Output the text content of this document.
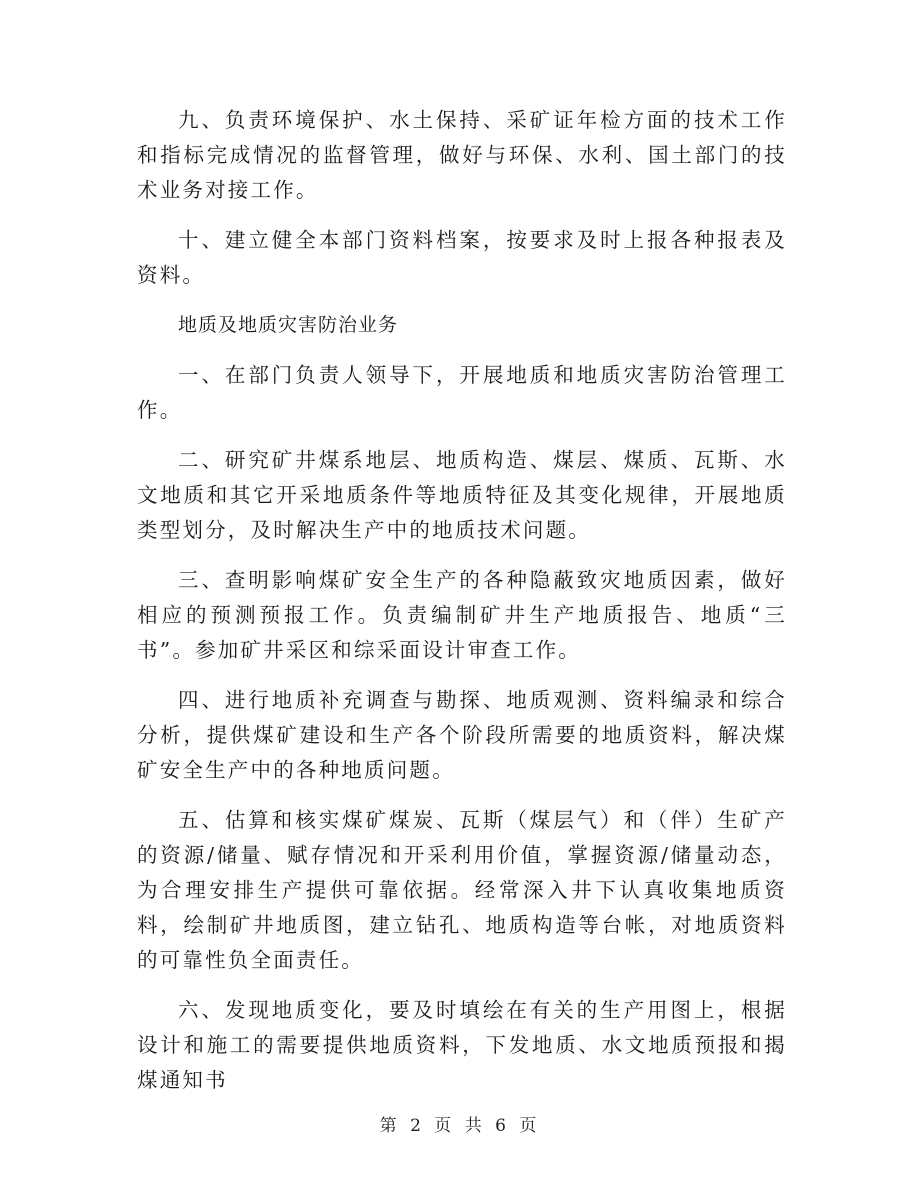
九、负责环境保护、水土保持、采矿证年检方面的技术工作和指标完成情况的监督管理，做好与环保、水利、国土部门的技术业务对接工作。

十、建立健全本部门资料档案，按要求及时上报各种报表及资料。

地质及地质灾害防治业务

一、在部门负责人领导下，开展地质和地质灾害防治管理工作。

二、研究矿井煤系地层、地质构造、煤层、煤质、瓦斯、水文地质和其它开采地质条件等地质特征及其变化规律，开展地质类型划分，及时解决生产中的地质技术问题。

三、查明影响煤矿安全生产的各种隐蔽致灾地质因素，做好相应的预测预报工作。负责编制矿井生产地质报告、地质“三书”。参加矿井采区和综采面设计审查工作。

四、进行地质补充调查与勘探、地质观测、资料编录和综合分析，提供煤矿建设和生产各个阶段所需要的地质资料，解决煤矿安全生产中的各种地质问题。

五、估算和核实煤矿煤炭、瓦斯（煤层气）和（伴）生矿产的资源/储量、赋存情况和开采利用价值，掌握资源/储量动态，为合理安排生产提供可靠依据。经常深入井下认真收集地质资料，绘制矿井地质图，建立钻孔、地质构造等台帐，对地质资料的可靠性负全面责任。

六、发现地质变化，要及时填绘在有关的生产用图上，根据设计和施工的需要提供地质资料，下发地质、水文地质预报和揭煤通知书

第 2 页 共 6 页
